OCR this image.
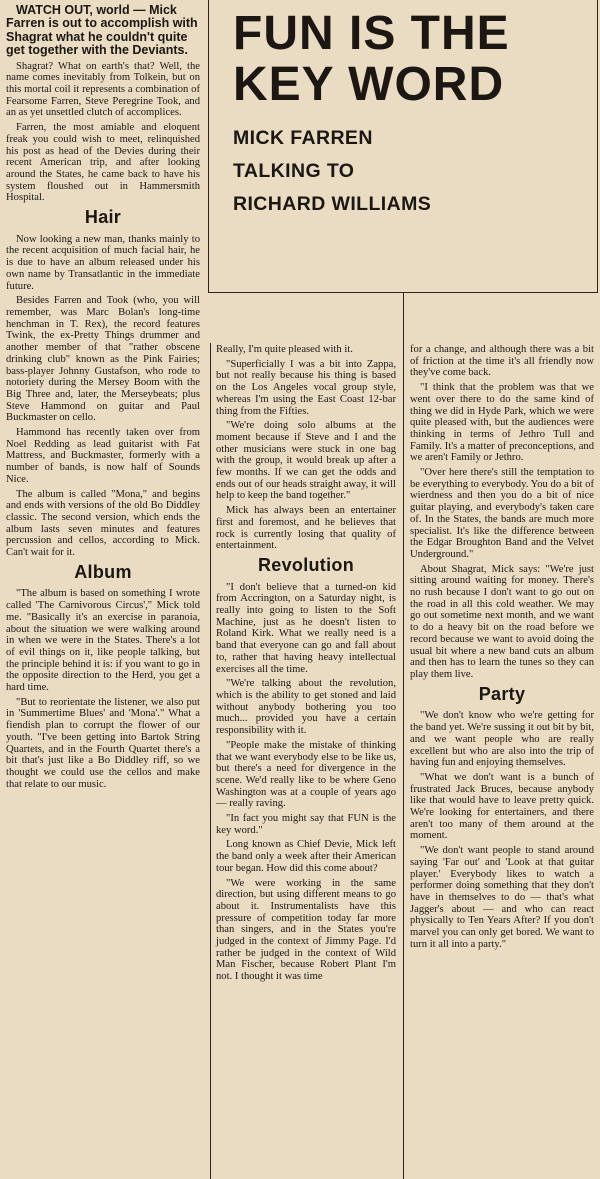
FUN IS THE
KEY WORD
MICK FARREN
TALKING TO
RICHARD WILLIAMS

WATCH OUT, world — Mick Farren is out to accomplish with Shagrat what he couldn't quite get together with the Deviants.

Shagrat? What on earth's that? Well, the name comes inevitably from Tolkein, but on this mortal coil it represents a combination of Fearsome Farren, Steve Peregrine Took, and an as yet unsettled clutch of accomplices.

Farren, the most amiable and eloquent freak you could wish to meet, relinquished his post as head of the Devies during their recent American trip, and after looking around the States, he came back to have his system floushed out in Hammersmith Hospital.

Hair

Now looking a new man, thanks mainly to the recent acquisition of much facial hair, he is due to have an album released under his own name by Transatlantic in the immediate future.

Besides Farren and Took (who, you will remember, was Marc Bolan's long-time henchman in T. Rex), the record features Twink, the ex-Pretty Things drummer and another member of that "rather obscene drinking club" known as the Pink Fairies; bass-player Johnny Gustafson, who rode to notoriety during the Mersey Boom with the Big Three and, later, the Merseybeats; plus Steve Hammond on guitar and Paul Buckmaster on cello.

Hammond has recently taken over from Noel Redding as lead guitarist with Fat Mattress, and Buckmaster, formerly with a number of bands, is now half of Sounds Nice.

The album is called "Mona," and begins and ends with versions of the old Bo Diddley classic. The second version, which ends the album lasts seven minutes and features percussion and cellos, according to Mick. Can't wait for it.

Album

"The album is based on something I wrote called 'The Carnivorous Circus'," Mick told me. "Basically it's an exercise in paranoia, about the situation we were walking around in when we were in the States. There's a lot of evil things on it, like people talking, but the principle behind it is: if you want to go in the opposite direction to the Herd, you get a hard time.

"But to reorientate the listener, we also put in 'Summertime Blues' and 'Mona'." What a fiendish plan to corrupt the flower of our youth. "I've been getting into Bartok String Quartets, and in the Fourth Quartet there's a bit that's just like a Bo Diddley riff, so we thought we could use the cellos and make that relate to our music.

Really, I'm quite pleased with it.

"Superficially I was a bit into Zappa, but not really because his thing is based on the Los Angeles vocal group style, whereas I'm using the East Coast 12-bar thing from the Fifties.

"We're doing solo albums at the moment because if Steve and I and the other musicians were stuck in one bag with the group, it would break up after a few months. If we can get the odds and ends out of our heads straight away, it will help to keep the band together."

Mick has always been an entertainer first and foremost, and he believes that rock is currently losing that quality of entertainment.

Revolution

"I don't believe that a turned-on kid from Accrington, on a Saturday night, is really into going to listen to the Soft Machine, just as he doesn't listen to Roland Kirk. What we really need is a band that everyone can go and fall about to, rather that having heavy intellectual exercises all the time.

"We're talking about the revolution, which is the ability to get stoned and laid without anybody bothering you too much... provided you have a certain responsibility with it.

"People make the mistake of thinking that we want everybody else to be like us, but there's a need for divergence in the scene. We'd really like to be where Geno Washington was at a couple of years ago — really raving.

"In fact you might say that FUN is the key word."

Long known as Chief Devie, Mick left the band only a week after their American tour began. How did this come about?

"We were working in the same direction, but using different means to go about it. Instrumentalists have this pressure of competition today far more than singers, and in the States you're judged in the context of Jimmy Page. I'd rather be judged in the context of Wild Man Fischer, because Robert Plant I'm not. I thought it was time

for a change, and although there was a bit of friction at the time it's all friendly now they've come back.

"I think that the problem was that we went over there to do the same kind of thing we did in Hyde Park, which we were quite pleased with, but the audiences were thinking in terms of Jethro Tull and Family. It's a matter of preconceptions, and we aren't Family or Jethro.

"Over here there's still the temptation to be everything to everybody. You do a bit of wierdness and then you do a bit of nice guitar playing, and everybody's taken care of. In the States, the bands are much more specialist. It's like the difference between the Edgar Broughton Band and the Velvet Underground."

About Shagrat, Mick says: "We're just sitting around waiting for money. There's no rush because I don't want to go out on the road in all this cold weather. We may go out sometime next month, and we want to do a heavy bit on the road before we record because we want to avoid doing the usual bit where a new band cuts an album and then has to learn the tunes so they can play them live.

Party

"We don't know who we're getting for the band yet. We're sussing it out bit by bit, and we want people who are really excellent but who are also into the trip of having fun and enjoying themselves.

"What we don't want is a bunch of frustrated Jack Bruces, because anybody like that would have to leave pretty quick. We're looking for entertainers, and there aren't too many of them around at the moment.

"We don't want people to stand around saying 'Far out' and 'Look at that guitar player.' Everybody likes to watch a performer doing something that they don't have in themselves to do — that's what Jagger's about — and who can react physically to Ten Years After? If you don't marvel you can only get bored. We want to turn it all into a party."
